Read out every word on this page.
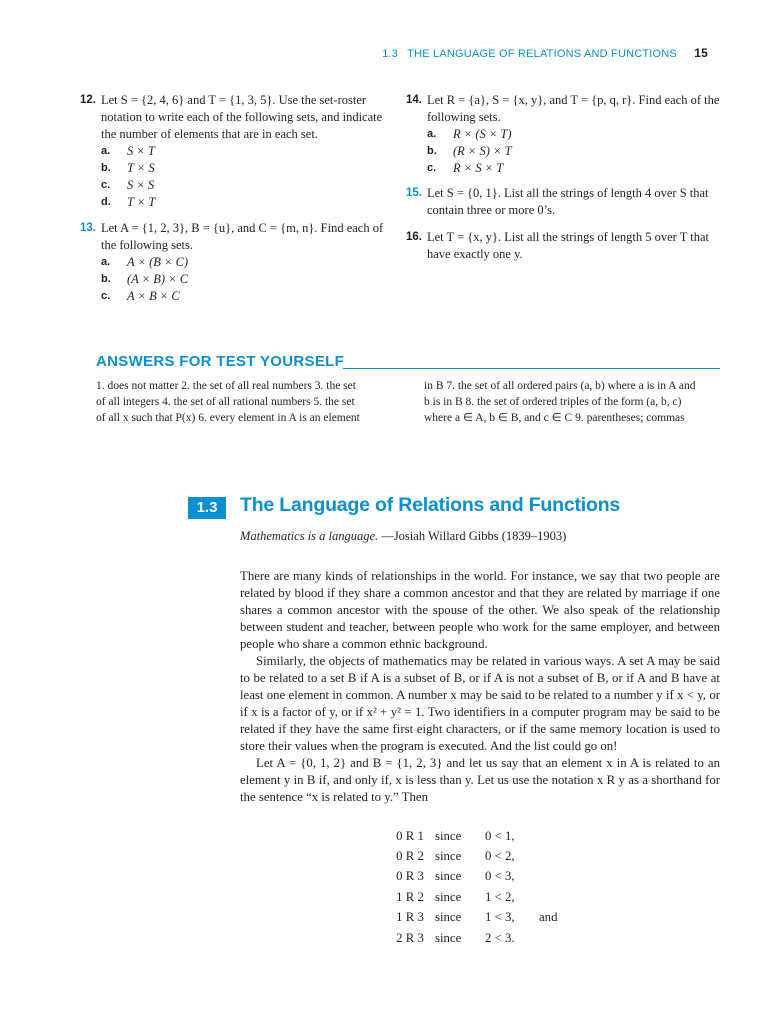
1.3 THE LANGUAGE OF RELATIONS AND FUNCTIONS 15
12. Let S = {2, 4, 6} and T = {1, 3, 5}. Use the set-roster notation to write each of the following sets, and indicate the number of elements that are in each set.
a.	S × T
b.	T × S
c.	S × S
d.	T × T
13. Let A = {1, 2, 3}, B = {u}, and C = {m, n}. Find each of the following sets.
a.	A × (B × C)
b.	(A × B) × C
c.	A × B × C
14. Let R = {a}, S = {x, y}, and T = {p, q, r}. Find each of the following sets.
a.	R × (S × T)
b.	(R × S) × T
c.	R × S × T
15. Let S = {0, 1}. List all the strings of length 4 over S that contain three or more 0’s.
16. Let T = {x, y}. List all the strings of length 5 over T that have exactly one y.
ANSWERS FOR TEST YOURSELF
1. does not matter 2. the set of all real numbers 3. the set
of all integers 4. the set of all rational numbers 5. the set
of all x such that P(x) 6. every element in A is an element
in B 7. the set of all ordered pairs (a, b) where a is in A and
b is in B 8. the set of ordered triples of the form (a, b, c)
where a ∈ A, b ∈ B, and c ∈ C 9. parentheses; commas
1.3	The Language of Relations and Functions
Mathematics is a language. —Josiah Willard Gibbs (1839–1903)

There are many kinds of relationships in the world. For instance, we say that two people are related by blood if they share a common ancestor and that they are related by marriage if one shares a common ancestor with the spouse of the other. We also speak of the relationship between student and teacher, between people who work for the same employer, and between people who share a common ethnic background.

Similarly, the objects of mathematics may be related in various ways. A set A may be said to be related to a set B if A is a subset of B, or if A is not a subset of B, or if A and B have at least one element in common. A number x may be said to be related to a number y if x < y, or if x is a factor of y, or if x² + y² = 1. Two identifiers in a computer program may be said to be related if they have the same first eight characters, or if the same memory location is used to store their values when the program is executed. And the list could go on!

Let A = {0, 1, 2} and B = {1, 2, 3} and let us say that an element x in A is related to an element y in B if, and only if, x is less than y. Let us use the notation x R y as a shorthand for the sentence “x is related to y.” Then

0 R 1	since	0 < 1,	
0 R 2	since	0 < 2,	
0 R 3	since	0 < 3,	
1 R 2	since	1 < 2,	
1 R 3	since	1 < 3,	and
2 R 3	since	2 < 3.	
